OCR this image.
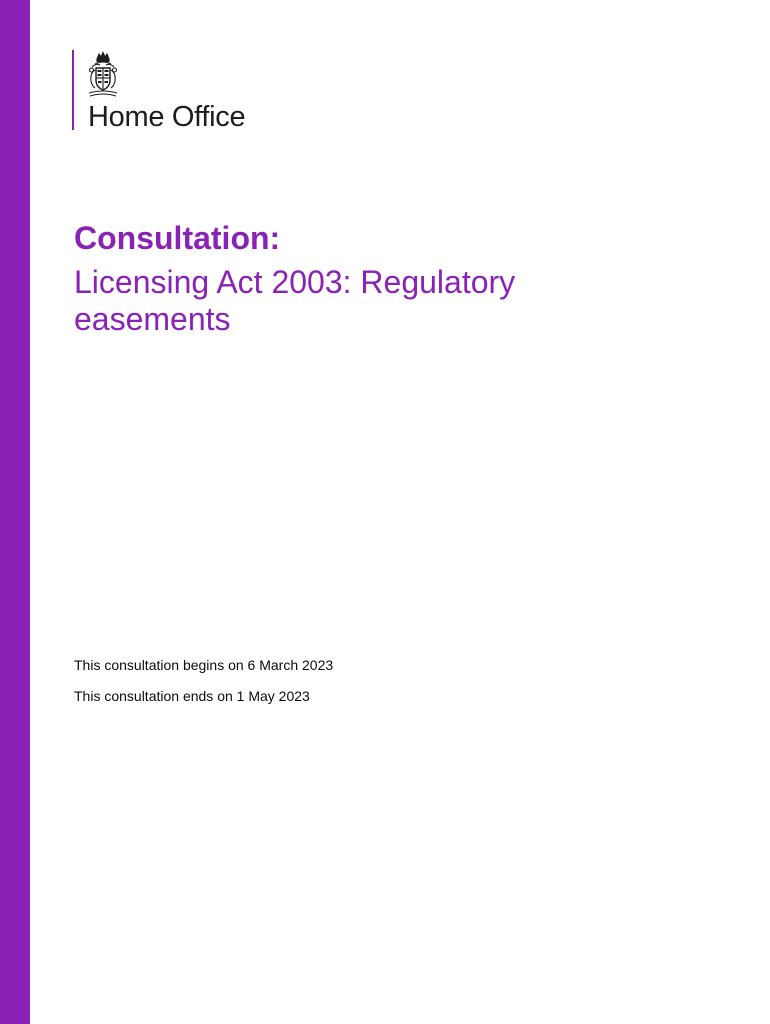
Home Office
Consultation:
Licensing Act 2003: Regulatory easements

This consultation begins on 6 March 2023

This consultation ends on 1 May 2023
